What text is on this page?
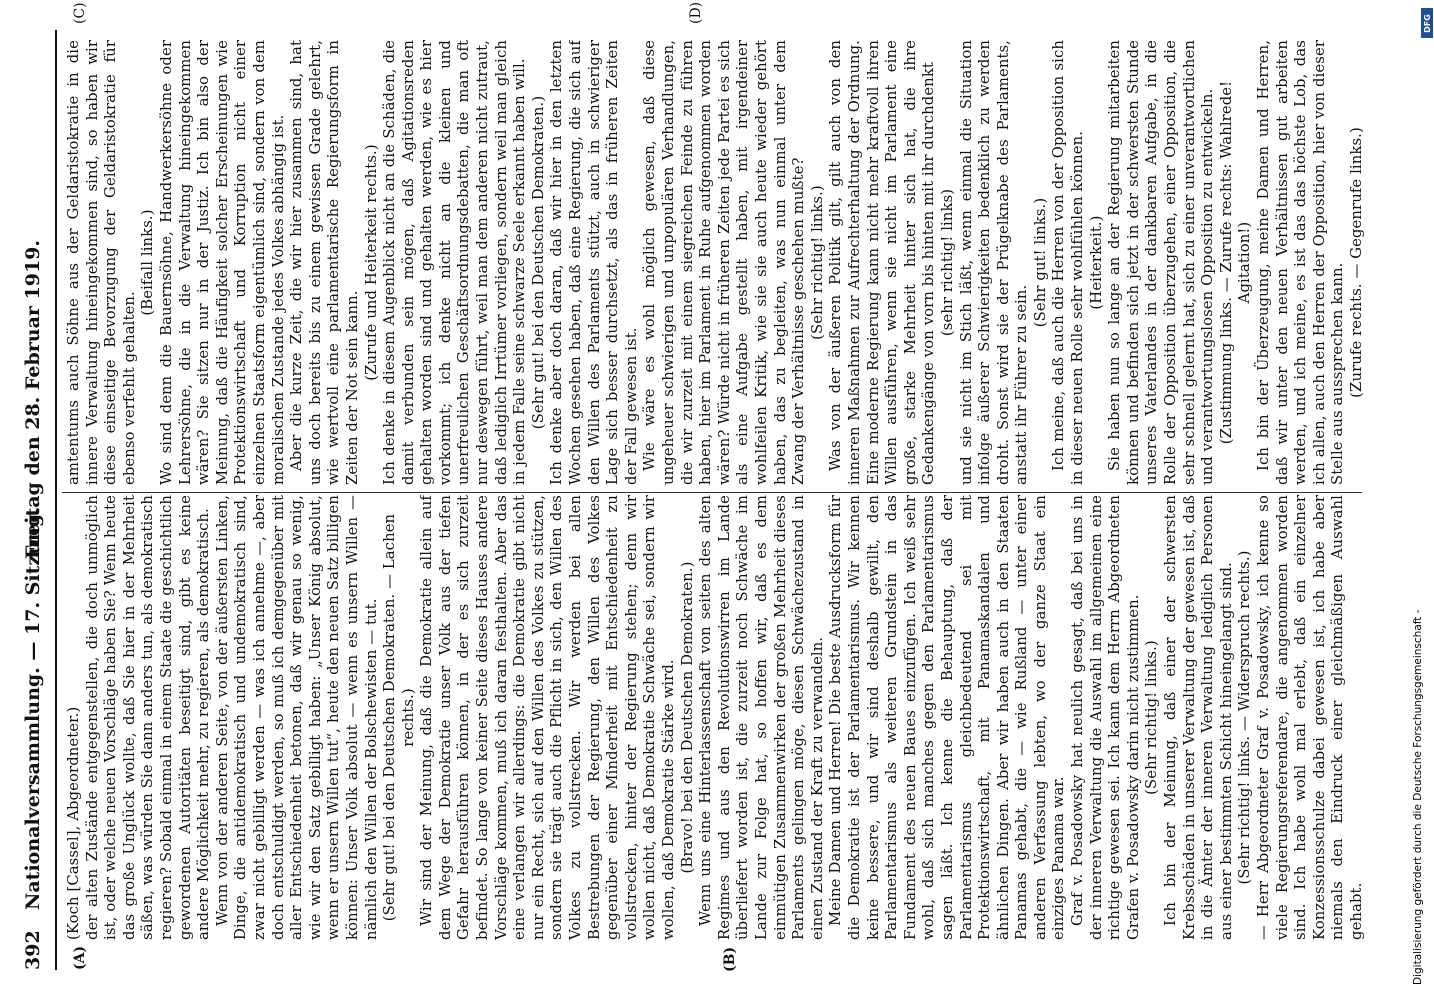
392
Nationalversammlung. — 17. Sitzung.
Freitag den 28. Februar 1919.
(A)	(B)
(C)	(D)

(Koch [Cassel], Abgeordneter.) der alten Zustände entgegenstellen, die doch unmöglich ist, oder welche neuen Vorschläge haben Sie? Wenn heute das große Unglück wollte, daß Sie hier in der Mehrheit säßen, was würden Sie dann anders tun, als demokratisch regieren? Sobald einmal in einem Staate die geschichtlich gewordenen Autoritäten beseitigt sind, gibt es keine andere Möglichkeit mehr, zu regieren, als demokratisch. Wenn von der anderen Seite, von der äußersten Linken, Dinge, die antidemokratisch und undemokratisch sind, zwar nicht gebilligt werden — was ich annehme —, aber doch entschuldigt werden, so muß ich demgegenüber mit aller Entschiedenheit betonen, daß wir genau so wenig, wie wir den Satz gebilligt haben: „Unser König absolut, wenn er unsern Willen tut“, heute den neuen Satz billigen können: Unser Volk absolut — wenn es unsern Willen — nämlich den Willen der Bolschewisten — tut. (Sehr gut! bei den Deutschen Demokraten. — Lachen rechts.) Wir sind der Meinung, daß die Demokratie allein auf dem Wege der Demokratie unser Volk aus der tiefen Gefahr herausführen können, in der es sich zurzeit befindet. So lange von keiner Seite dieses Hauses andere Vorschläge kommen, muß ich daran festhalten. Aber das eine verlangen wir allerdings: die Demokratie gibt nicht nur ein Recht, sich auf den Willen des Volkes zu stützen, sondern sie trägt auch die Pflicht in sich, den Willen des Volkes zu vollstrecken. Wir werden bei allen Bestrebungen der Regierung, den Willen des Volkes gegenüber einer Minderheit mit Entschiedenheit zu vollstrecken, hinter der Regierung stehen; denn wir wollen nicht, daß Demokratie Schwäche sei, sondern wir wollen, daß Demokratie Stärke wird. (Bravo! bei den Deutschen Demokraten.) Wenn uns eine Hinterlassenschaft von seiten des alten Regimes und aus den Revolutionswirren im Lande überliefert worden ist, die zurzeit noch Schwäche im Lande zur Folge hat, so hoffen wir, daß es dem einmütigen Zusammenwirken der großen Mehrheit dieses Parlaments gelingen möge, diesen Schwächezustand in einen Zustand der Kraft zu verwandeln. Meine Damen und Herren! Die beste Ausdrucksform für die Demokratie ist der Parlamentarismus. Wir kennen keine bessere, und wir sind deshalb gewillt, den Parlamentarismus als weiteren Grundstein in das Fundament des neuen Baues einzufügen. Ich weiß sehr wohl, daß sich manches gegen den Parlamentarismus sagen läßt. Ich kenne die Behauptung, daß der Parlamentarismus gleichbedeutend sei mit Protektionswirtschaft, mit Panamaskandalen und ähnlichen Dingen. Aber wir haben auch in den Staaten Panamas gehabt, die — wie Rußland — unter einer anderen Verfassung lebten, wo der ganze Staat ein einziges Panama war. Graf v. Posadowsky hat neulich gesagt, daß bei uns in der inneren Verwaltung die Auswahl im allgemeinen eine richtige gewesen sei. Ich kann dem Herrn Abgeordneten Grafen v. Posadowsky darin nicht zustimmen. (Sehr richtig! links.) Ich bin der Meinung, daß einer der schwersten Krebsschäden in unserer Verwaltung der gewesen ist, daß in die Ämter der inneren Verwaltung lediglich Personen aus einer bestimmten Schicht hineingelangt sind. (Sehr richtig! links. — Widerspruch rechts.) — Herr Abgeordneter Graf v. Posadowsky, ich kenne so viele Regierungsreferendare, die angenommen worden sind. Ich habe wohl mal erlebt, daß ein einzelner Konzessionsschulze dabei gewesen ist, ich habe aber niemals den Eindruck einer gleichmäßigen Auswahl gehabt.

amtentums auch Söhne aus der Geldaristokratie in die innere Verwaltung hineingekommen sind, so haben wir diese einseitige Bevorzugung der Geldaristokratie für ebenso verfehlt gehalten.

(Beifall links.) Wo sind denn die Bauernsöhne, Handwerkersöhne oder Lehrersöhne, die in die Verwaltung hineingekommen wären? Sie sitzen nur in der Justiz. Ich bin also der Meinung, daß die Häufigkeit solcher Erscheinungen wie Protektionswirtschaft und Korruption nicht einer einzelnen Staatsform eigentümlich sind, sondern von dem moralischen Zustande jedes Volkes abhängig ist. Aber die kurze Zeit, die wir hier zusammen sind, hat uns doch bereits bis zu einem gewissen Grade gelehrt, wie wertvoll eine parlamentarische Regierungsform in Zeiten der Not sein kann.

(Zurufe und Heiterkeit rechts.) Ich denke in diesem Augenblick nicht an die Schäden, die damit verbunden sein mögen, daß Agitationsreden gehalten worden sind und gehalten werden, wie es hier vorkommt; ich denke nicht an die kleinen und unerfreulichen Geschäftsordnungsdebatten, die man oft nur deswegen führt, weil man dem anderen nicht zutraut, daß lediglich Irrtümer vorliegen, sondern weil man gleich in jedem Falle seine schwarze Seele erkannt haben will. (Sehr gut! bei den Deutschen Demokraten.) Ich denke aber doch daran, daß wir hier in den letzten Wochen gesehen haben, daß eine Regierung, die sich auf den Willen des Parlaments stützt, auch in schwieriger Lage sich besser durchsetzt, als das in früheren Zeiten der Fall gewesen ist. Wie wäre es wohl möglich gewesen, daß diese ungeheuer schwierigen und unpopulären Verhandlungen, die wir zurzeit mit einem siegreichen Feinde zu führen haben, hier im Parlament in Ruhe aufgenommen worden wären? Würde nicht in früheren Zeiten jede Partei es sich als eine Aufgabe gestellt haben, mit irgendeiner wohlfeilen Kritik, wie sie sie auch heute wieder gehört haben, das zu begleiten, was nun einmal unter dem Zwang der Verhältnisse geschehen mußte? (Sehr richtig! links.) Was von der äußeren Politik gilt, gilt auch von den inneren Maßnahmen zur Aufrechterhaltung der Ordnung. Eine moderne Regierung kann nicht mehr kraftvoll ihren Willen ausführen, wenn sie nicht im Parlament eine große, starke Mehrheit hinter sich hat, die ihre Gedankengänge von vorn bis hinten mit ihr durchdenkt (sehr richtig! links) und sie nicht im Stich läßt, wenn einmal die Situation infolge äußerer Schwierigkeiten bedenklich zu werden droht. Sonst wird sie der Prügelknabe des Parlaments, anstatt ihr Führer zu sein.

(Sehr gut! links.) Ich meine, daß auch die Herren von der Opposition sich in dieser neuen Rolle sehr wohlfühlen können. (Heiterkeit.) Sie haben nun so lange an der Regierung mitarbeiten können und befinden sich jetzt in der schwersten Stunde unseres Vaterlandes in der dankbaren Aufgabe, in die Rolle der Opposition überzugehen, einer Opposition, die sehr schnell gelernt hat, sich zu einer unverantwortlichen und verantwortungslosen Opposition zu entwickeln. (Zustimmung links. — Zurufe rechts: Wahlrede! Agitation!) Ich bin der Überzeugung, meine Damen und Herren, daß wir unter den neuen Verhältnissen gut arbeiten werden, und ich meine, es ist das das höchste Lob, das ich allen, auch den Herren der Opposition, hier von dieser Stelle aus aussprechen kann. (Zurufe rechts. — Gegenrufe links.)

Digitalisierung gefördert durch die Deutsche Forschungsgemeinschaft -
DFG
